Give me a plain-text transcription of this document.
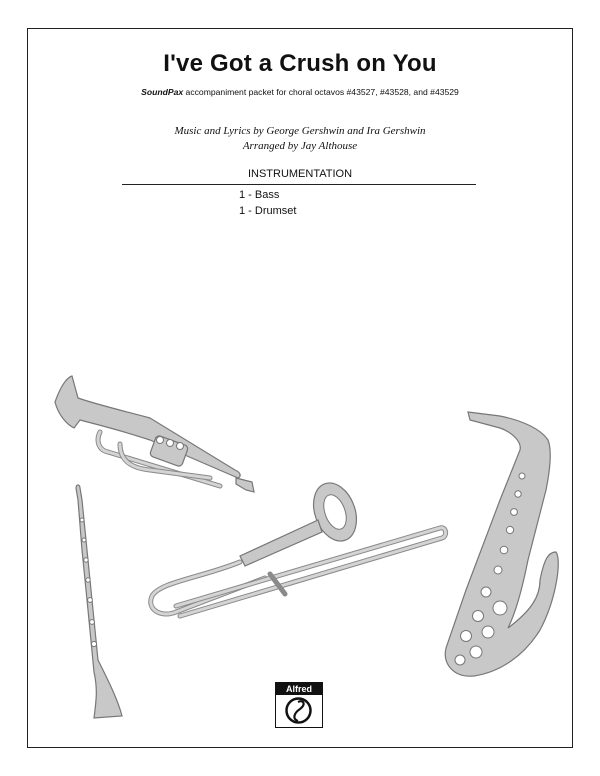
I've Got a Crush on You
SoundPax accompaniment packet for choral octavos #43527, #43528, and #43529
Music and Lyrics by George Gershwin and Ira Gershwin
Arranged by Jay Althouse
INSTRUMENTATION
1 - Bass
1 - Drumset
Alfred
